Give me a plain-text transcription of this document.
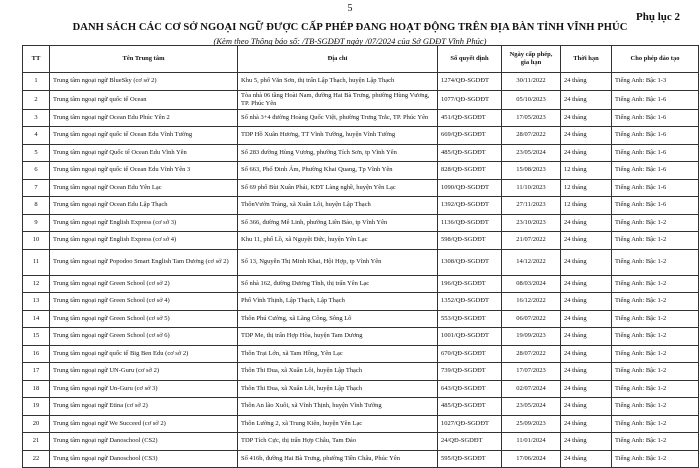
5
Phụ lục 2
DANH SÁCH CÁC CƠ SỞ NGOẠI NGỮ ĐƯỢC CẤP PHÉP ĐANG HOẠT ĐỘNG TRÊN ĐỊA BÀN TỈNH VĨNH PHÚC
(Kèm theo Thông báo số: /TB-SGDĐT ngày /07/2024 của Sở GDĐT Vĩnh Phúc)
TT	Tên Trung tâm	Địa chỉ	Số quyết định	Ngày cấp phép, gia hạn	Thời hạn	Cho phép đào tạo
1	Trung tâm ngoại ngữ BlueSky (cơ sở 2)	Khu 5, phố Văn Sơn, thị trấn Lập Thạch, huyện Lập Thạch	1274/QĐ-SGDĐT	30/11/2022	24 tháng	Tiếng Anh: Bậc 1-3
2	Trung tâm ngoại ngữ quốc tế Ocean	Tòa nhà 06 tầng Hoài Nam, đường Hai Bà Trưng, phường Hùng Vương, TP. Phúc Yên	1077/QĐ-SGDĐT	05/10/2023	24 tháng	Tiếng Anh: Bậc 1-6
3	Trung tâm ngoại ngữ Ocean Edu Phúc Yên 2	Số nhà 3+4 đường Hoàng Quốc Việt, phường Trưng Trắc, TP. Phúc Yên	451/QĐ-SGDĐT	17/05/2023	24 tháng	Tiếng Anh: Bậc 1-6
4	Trung tâm ngoại ngữ quốc tế Ocean Edu Vĩnh Tường	TDP Hồ Xuân Hương, TT Vĩnh Tường, huyện Vĩnh Tường	669/QĐ-SGDĐT	28/07/2022	24 tháng	Tiếng Anh: Bậc 1-6
5	Trung tâm ngoại ngữ Quốc tế Ocean Edu Vĩnh Yên	Số 283 đường Hùng Vương, phường Tích Sơn, tp Vĩnh Yên	485/QĐ-SGDĐT	23/05/2024	24 tháng	Tiếng Anh: Bậc 1-6
6	Trung tâm ngoại ngữ quốc tế Ocean Edu Vĩnh Yên 3	Số 663, Phố Đinh Ám, Phường Khai Quang, Tp Vĩnh Yên	828/QĐ-SGDĐT	15/08/2023	12 tháng	Tiếng Anh: Bậc 1-6
7	Trung tâm ngoại ngữ Ocean Edu Yên Lạc	Số 69 phố Bùi Xuân Phái, KĐT Làng nghề, huyện Yên Lạc	1090/QĐ-SGDĐT	11/10/2023	12 tháng	Tiếng Anh: Bậc 1-6
8	Trung tâm ngoại ngữ Ocean Edu Lập Thạch	ThônVườn Tràng, xã Xuân Lôi, huyện Lập Thạch	1392/QĐ-SGDĐT	27/11/2023	12 tháng	Tiếng Anh: Bậc 1-6
9	Trung tâm ngoại ngữ English Express (cơ sở 3)	Số 366, đường Mê Linh, phường Liên Bảo, tp Vĩnh Yên	1136/QĐ-SGDĐT	23/10/2023	24 tháng	Tiếng Anh: Bậc 1-2
10	Trung tâm ngoại ngữ English Express (cơ sở 4)	Khu 11, phố Lồ, xã Nguyệt Đức, huyện Yên Lạc	598/QĐ-SGDĐT	21/07/2022	24 tháng	Tiếng Anh: Bậc 1-2
11	Trung tâm ngoại ngữ Popodoo Smart English Tam Dương (cơ sở 2)	Số 13, Nguyễn Thị Minh Khai, Hội Hợp, tp Vĩnh Yên	1308/QĐ-SGDĐT	14/12/2022	24 tháng	Tiếng Anh: Bậc 1-2
12	Trung tâm ngoại ngữ Green School (cơ sở 2)	Số nhà 162, đường Dương Tĩnh, thị trấn Yên Lạc	196/QĐ-SGDĐT	08/03/2024	24 tháng	Tiếng Anh: Bậc 1-2
13	Trung tâm ngoại ngữ Green School (cơ sở 4)	Phố Vĩnh Thịnh, Lập Thạch, Lập Thạch	1352/QĐ-SGDĐT	16/12/2022	24 tháng	Tiếng Anh: Bậc 1-2
14	Trung tâm ngoại ngữ Green School (cơ sở 5)	Thôn Phú Cường, xã Lãng Công, Sông Lô	553/QĐ-SGDĐT	06/07/2022	24 tháng	Tiếng Anh: Bậc 1-2
15	Trung tâm ngoại ngữ Green School (cơ sở 6)	TDP Me, thị trấn Hợp Hòa, huyện Tam Dương	1001/QĐ-SGDĐT	19/09/2023	24 tháng	Tiếng Anh: Bậc 1-2
16	Trung tâm ngoại ngữ quốc tế Big Ben Edu (cơ sở 2)	Thôn Trại Lớn, xã Tam Hồng, Yên Lạc	670/QĐ-SGDĐT	28/07/2022	24 tháng	Tiếng Anh: Bậc 1-2
17	Trung tâm ngoại ngữ UN-Guru (cơ sở 2)	Thôn Thi Đua, xã Xuân Lôi, huyện Lập Thạch	739/QĐ-SGDĐT	17/07/2023	24 tháng	Tiếng Anh: Bậc 1-2
18	Trung tâm ngoại ngữ Un-Guru (cơ sở 3)	Thôn Thi Đua, xã Xuân Lôi, huyện Lập Thạch	643/QĐ-SGDĐT	02/07/2024	24 tháng	Tiếng Anh: Bậc 1-2
19	Trung tâm ngoại ngữ Etina (cơ sở 2)	Thôn An lão Xuôi, xã Vĩnh Thịnh, huyện Vĩnh Tường	485/QĐ-SGDĐT	23/05/2024	24 tháng	Tiếng Anh: Bậc 1-2
20	Trung tâm ngoại ngữ We Succeed (cơ sở 2)	Thôn Lường 2, xã Trung Kiên, huyện Yên Lạc	1027/QĐ-SGDĐT	25/09/2023	24 tháng	Tiếng Anh: Bậc 1-2
21	Trung tâm ngoại ngữ Danoschool (CS2)	TDP Tích Cực, thị trấn Hợp Châu, Tam Đảo	24/QĐ-SGDĐT	11/01/2024	24 tháng	Tiếng Anh: Bậc 1-2
22	Trung tâm ngoại ngữ Danoschool (CS3)	Số 416b, đường Hai Bà Trưng, phường Tiền Châu, Phúc Yên	595/QĐ-SGDĐT	17/06/2024	24 tháng	Tiếng Anh: Bậc 1-2
